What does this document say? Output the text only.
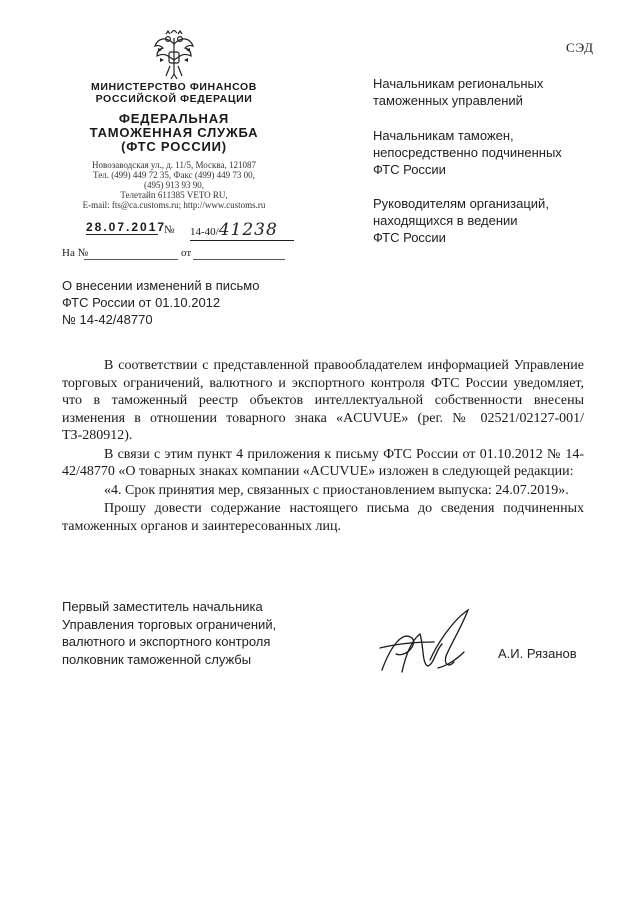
СЭД
МИНИСТЕРСТВО ФИНАНСОВ РОССИЙСКОЙ ФЕДЕРАЦИИ
ФЕДЕРАЛЬНАЯ
ТАМОЖЕННАЯ СЛУЖБА
(ФТС РОССИИ)
Новозаводская ул., д. 11/5, Москва, 121087
Тел. (499) 449 72 35, Факс (499) 449 73 00,
(495) 913 93 90,
Телетайп 611385 VETO RU,
E-mail: fts@ca.customs.ru; http://www.customs.ru
28.07.2017
№ 14-40/41238
На №	от
Начальникам региональных
таможенных управлений
Начальникам таможен,
непосредственно подчиненных
ФТС России
Руководителям организаций,
находящихся в ведении
ФТС России
О внесении изменений в письмо
ФТС России от 01.10.2012
№ 14-42/48770

В соответствии с представленной правообладателем информацией Управление торговых ограничений, валютного и экспортного контроля ФТС России уведомляет, что в таможенный реестр объектов интеллектуальной собственности внесены изменения в отношении товарного знака «ACUVUE» (рег. № 02521/02127-001/ТЗ-280912).

В связи с этим пункт 4 приложения к письму ФТС России от 01.10.2012 № 14-42/48770 «О товарных знаках компании «ACUVUE» изложен в следующей редакции:

«4. Срок принятия мер, связанных с приостановлением выпуска: 24.07.2019».

Прошу довести содержание настоящего письма до сведения подчиненных таможенных органов и заинтересованных лиц.

Первый заместитель начальника
Управления торговых ограничений,
валютного и экспортного контроля
полковник таможенной службы	А.И. Рязанов
